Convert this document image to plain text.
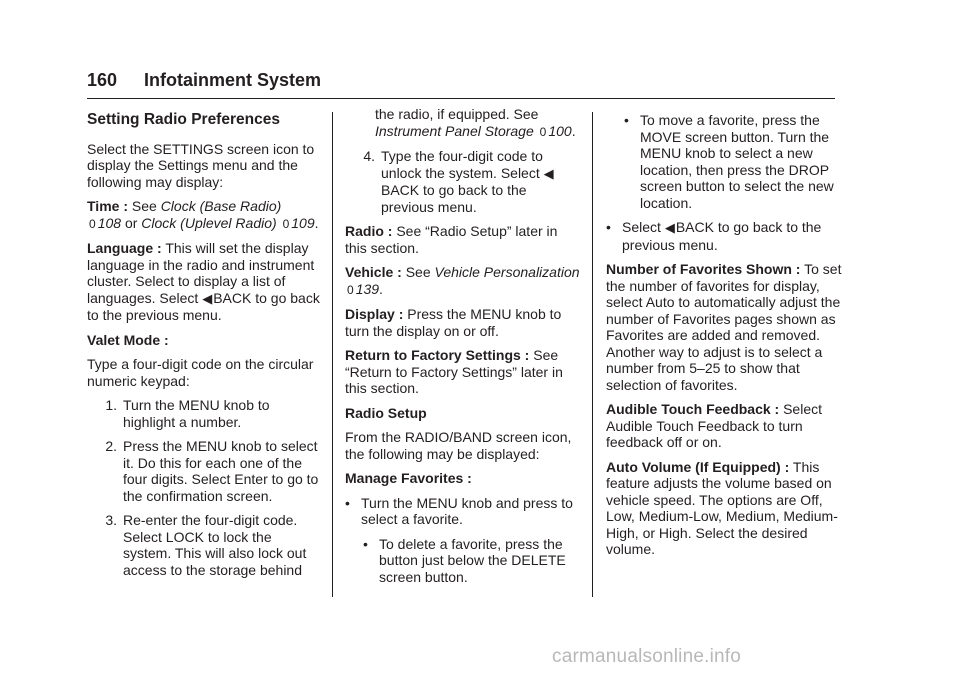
160 Infotainment System
Setting Radio Preferences

Select the SETTINGS screen icon to display the Settings menu and the following may display:

Time : See Clock (Base Radio)
0 108 or Clock (Uplevel Radio) 0 109.

Language : This will set the display language in the radio and instrument cluster. Select to display a list of languages. Select ◀BACK to go back to the previous menu.

Valet Mode :

Type a four-digit code on the circular numeric keypad:

1. Turn the MENU knob to highlight a number.
2. Press the MENU knob to select it. Do this for each one of the four digits. Select Enter to go to the confirmation screen.
3. Re-enter the four-digit code. Select LOCK to lock the system. This will also lock out access to the storage behind
the radio, if equipped. See
Instrument Panel Storage 0 100.
4. Type the four-digit code to unlock the system. Select ◀
BACK to go back to the previous menu.

Radio : See “Radio Setup” later in this section.

Vehicle : See Vehicle Personalization 0 139.

Display : Press the MENU knob to turn the display on or off.

Return to Factory Settings : See “Return to Factory Settings” later in this section.

Radio Setup

From the RADIO/BAND screen icon, the following may be displayed:

Manage Favorites :

• Turn the MENU knob and press to select a favorite.
• To delete a favorite, press the button just below the DELETE screen button.
• To move a favorite, press the MOVE screen button. Turn the MENU knob to select a new location, then press the DROP screen button to select the new location.
• Select ◀BACK to go back to the previous menu.

Number of Favorites Shown : To set the number of favorites for display, select Auto to automatically adjust the number of Favorites pages shown as Favorites are added and removed. Another way to adjust is to select a number from 5–25 to show that selection of favorites.

Audible Touch Feedback : Select Audible Touch Feedback to turn feedback off or on.

Auto Volume (If Equipped) : This feature adjusts the volume based on vehicle speed. The options are Off, Low, Medium-Low, Medium, Medium-High, or High. Select the desired volume.

carmanualsonline.info
